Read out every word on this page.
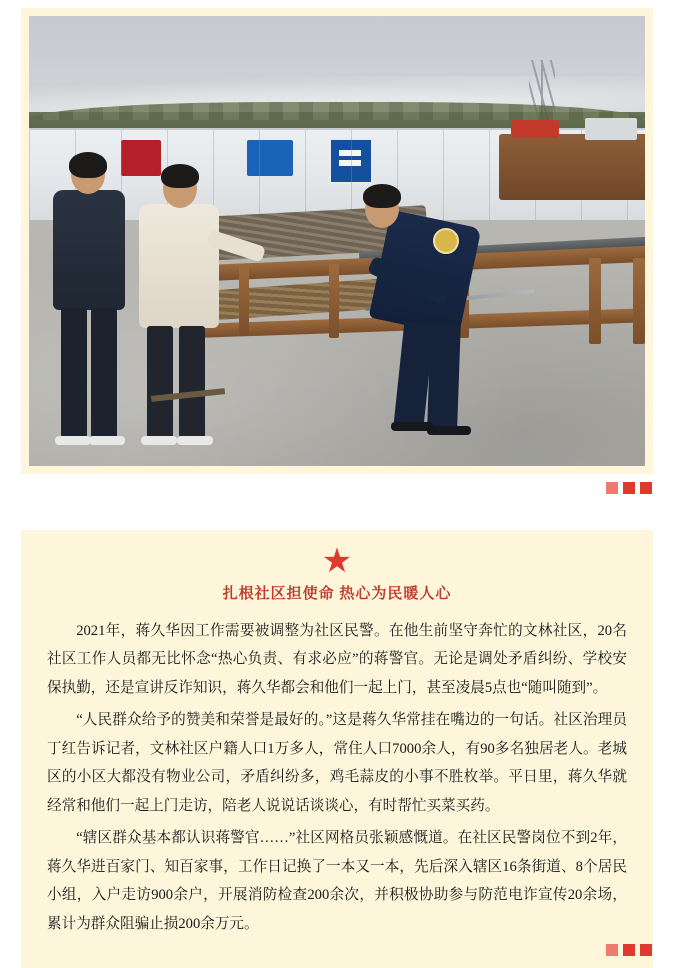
★
扎根社区担使命 热心为民暖人心

2021年，蒋久华因工作需要被调整为社区民警。在他生前坚守奔忙的文林社区，20名社区工作人员都无比怀念“热心负责、有求必应”的蒋警官。无论是调处矛盾纠纷、学校安保执勤，还是宣讲反诈知识，蒋久华都会和他们一起上门，甚至凌晨5点也“随叫随到”。

“人民群众给予的赞美和荣誉是最好的。”这是蒋久华常挂在嘴边的一句话。社区治理员丁红告诉记者，文林社区户籍人口1万多人，常住人口7000余人，有90多名独居老人。老城区的小区大都没有物业公司，矛盾纠纷多，鸡毛蒜皮的小事不胜枚举。平日里，蒋久华就经常和他们一起上门走访，陪老人说说话谈谈心，有时帮忙买菜买药。

“辖区群众基本都认识蒋警官……”社区网格员张颖感慨道。在社区民警岗位不到2年，蒋久华进百家门、知百家事，工作日记换了一本又一本，先后深入辖区16条街道、8个居民小组，入户走访900余户，开展消防检查200余次，并积极协助参与防范电诈宣传20余场，累计为群众阻骗止损200余万元。
